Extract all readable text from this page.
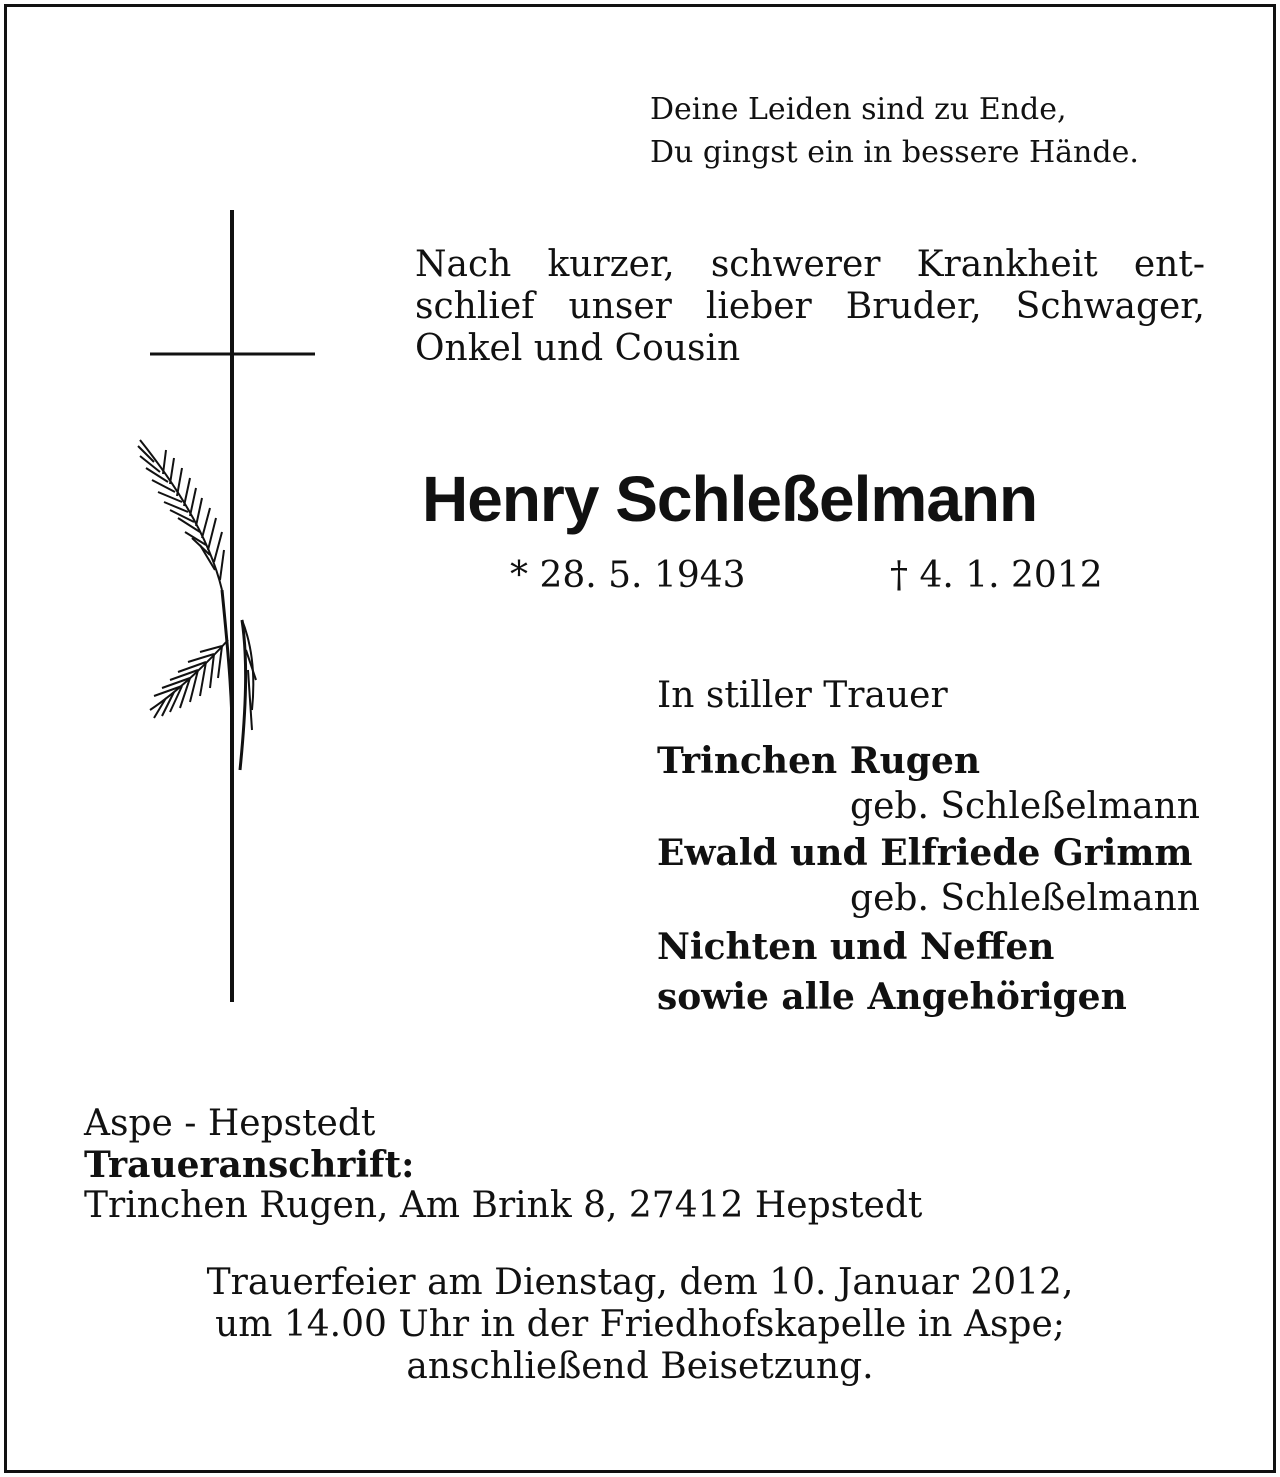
Deine Leiden sind zu Ende,
Du gingst ein in bessere Hände.
Nach kurzer, schwerer Krankheit ent-
schlief unser lieber Bruder, Schwager,
Onkel und Cousin
Henry Schleßelmann
* 28. 5. 1943	† 4. 1. 2012
In stiller Trauer
Trinchen Rugen
geb. Schleßelmann
Ewald und Elfriede Grimm
geb. Schleßelmann
Nichten und Neffen
sowie alle Angehörigen
Aspe - Hepstedt
Traueranschrift:
Trinchen Rugen, Am Brink 8, 27412 Hepstedt
Trauerfeier am Dienstag, dem 10. Januar 2012,
um 14.00 Uhr in der Friedhofskapelle in Aspe;
anschließend Beisetzung.
